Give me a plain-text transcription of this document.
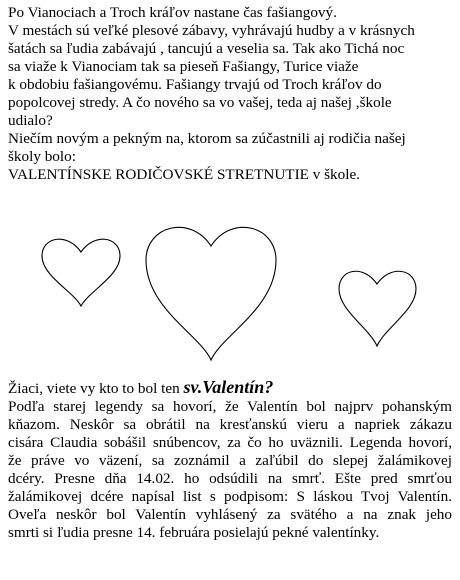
Po Vianociach a Troch kráľov nastane čas fašiangový.

V mestách sú veľké plesové zábavy, vyhrávajú hudby a v krásnych

šatách sa ľudia zabávajú , tancujú a veselia sa. Tak ako Tichá noc

sa viaže k Vianociam tak sa pieseň Fašiangy, Turice viaže

k obdobiu fašiangovému. Fašiangy trvajú od Troch kráľov do

popolcovej stredy. A čo nového sa vo vašej, teda aj našej ,škole

udialo?

Niečím novým a pekným na, ktorom sa zúčastnili aj rodičia našej

školy bolo:

VALENTÍNSKE RODIČOVSKÉ STRETNUTIE v škole.

Žiaci, viete vy kto to bol ten sv.Valentín?

Podľa starej legendy sa hovorí, že Valentín bol najprv pohanským

kňazom. Neskôr sa obrátil na kresťanskú vieru a napriek zákazu

cisára Claudia sobášil snúbencov, za čo ho uväznili. Legenda hovorí,

že práve vo väzení, sa zoznámil a zaľúbil do slepej žalámikovej

dcéry. Presne dňa 14.02. ho odsúdili na smrť. Ešte pred smrťou

žalámikovej dcére napísal list s podpisom: S láskou Tvoj Valentín.

Oveľa neskôr bol Valentín vyhlásený za svätého a na znak jeho

smrti si ľudia presne 14. februára posielajú pekné valentínky.
